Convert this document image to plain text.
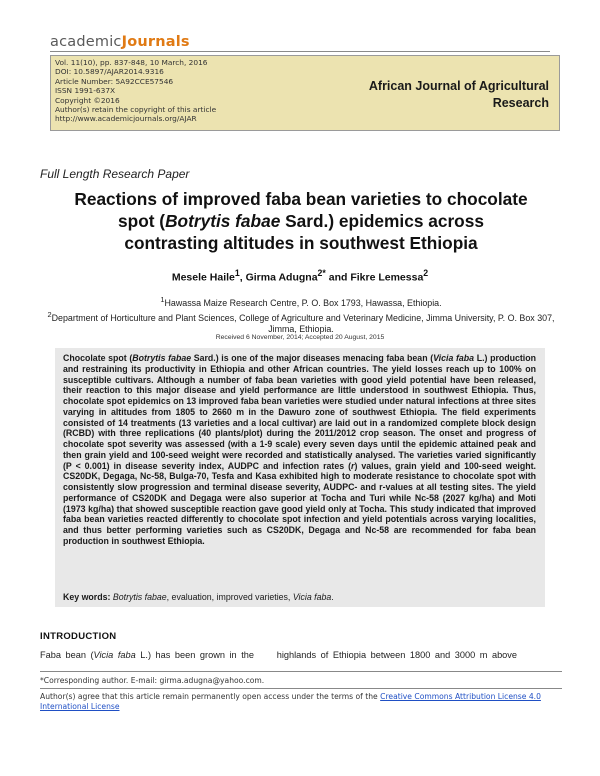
academicJournals
Vol. 11(10), pp. 837-848, 10 March, 2016
DOI: 10.5897/AJAR2014.9316
Article Number: 5A92CCE57546
ISSN 1991-637X
Copyright ©2016
Author(s) retain the copyright of this article
http://www.academicjournals.org/AJAR
African Journal of Agricultural Research
Full Length Research Paper
Reactions of improved faba bean varieties to chocolate
spot (Botrytis fabae Sard.) epidemics across
contrasting altitudes in southwest Ethiopia
Mesele Haile$^1$, Girma Adugna$^{2*}$ and Fikre Lemessa$^2$
$^1$Hawassa Maize Research Centre, P. O. Box 1793, Hawassa, Ethiopia.
$^2$Department of Horticulture and Plant Sciences, College of Agriculture and Veterinary Medicine, Jimma University, P. O. Box 307, Jimma, Ethiopia.
Received 6 November, 2014; Accepted 20 August, 2015

Chocolate spot (Botrytis fabae Sard.) is one of the major diseases menacing faba bean (Vicia faba L.) production and restraining its productivity in Ethiopia and other African countries. The yield losses reach up to 100% on susceptible cultivars. Although a number of faba bean varieties with good yield potential have been released, their reaction to this major disease and yield performance are little understood in southwest Ethiopia. Thus, chocolate spot epidemics on 13 improved faba bean varieties were studied under natural infections at three sites varying in altitudes from 1805 to 2660 m in the Dawuro zone of southwest Ethiopia. The field experiments consisted of 14 treatments (13 varieties and a local cultivar) are laid out in a randomized complete block design (RCBD) with three replications (40 plants/plot) during the 2011/2012 crop season. The onset and progress of chocolate spot severity was assessed (with a 1-9 scale) every seven days until the epidemic attained peak and then grain yield and 100-seed weight were recorded and statistically analysed. The varieties varied significantly (P < 0.001) in disease severity index, AUDPC and infection rates (r) values, grain yield and 100-seed weight. CS20DK, Degaga, Nc-58, Bulga-70, Tesfa and Kasa exhibited high to moderate resistance to chocolate spot with consistently slow progression and terminal disease severity, AUDPC- and r-values at all testing sites. The yield performance of CS20DK and Degaga were also superior at Tocha and Turi while Nc-58 (2027 kg/ha) and Moti (1973 kg/ha) that showed susceptible reaction gave good yield only at Tocha. This study indicated that improved faba bean varieties reacted differently to chocolate spot infection and yield potentials across varying localities, and thus better performing varieties such as CS20DK, Degaga and Nc-58 are recommended for faba bean production in southwest Ethiopia.

Key words: Botrytis fabae, evaluation, improved varieties, Vicia faba.
INTRODUCTION
Faba bean (Vicia faba L.) has been grown in the highlands of Ethiopia between 1800 and 3000 m above
*Corresponding author. E-mail: girma.adugna@yahoo.com.
Author(s) agree that this article remain permanently open access under the terms of the Creative Commons Attribution License 4.0 International License
